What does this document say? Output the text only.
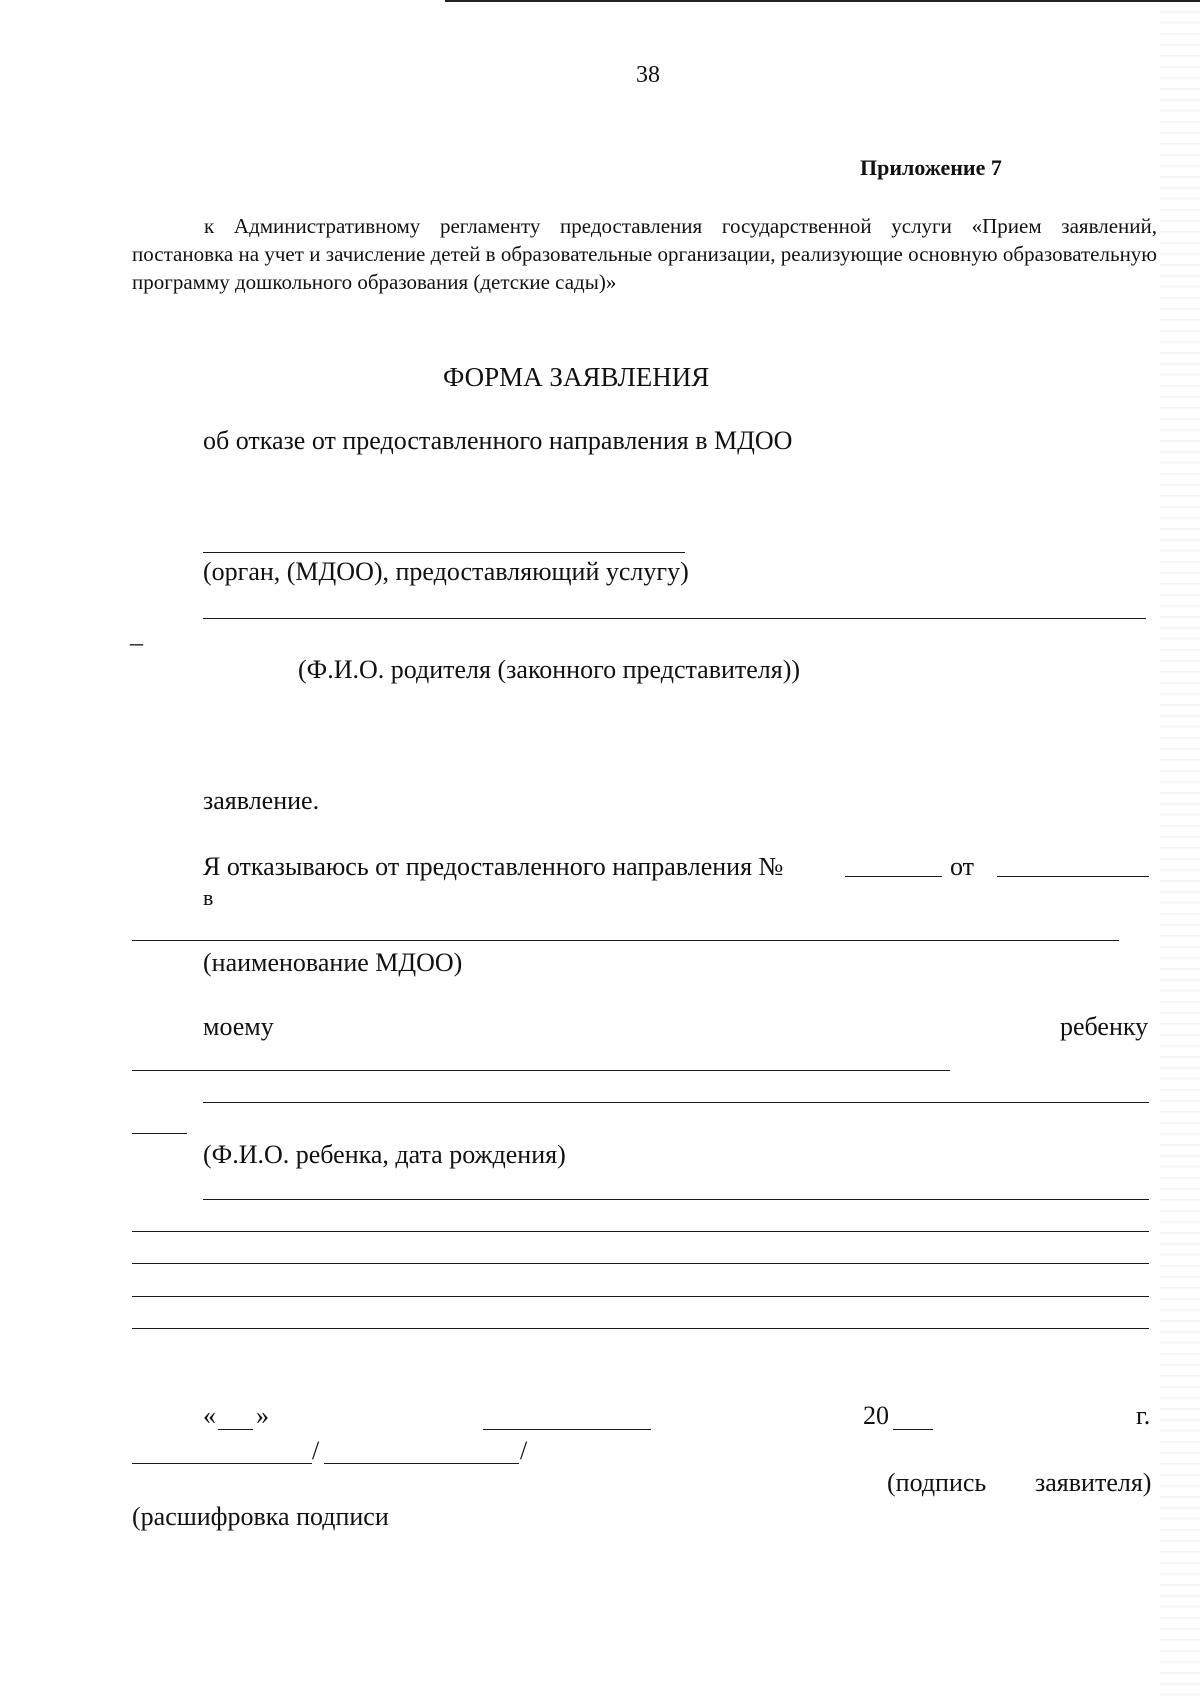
38
Приложение 7
к Административному регламенту предоставления государственной услуги «Прием заявлений, постановка на учет и зачисление детей в образовательные организации, реализующие основную образовательную программу дошкольного образования (детские сады)»
ФОРМА ЗАЯВЛЕНИЯ
об отказе от предоставленного направления в МДОО
(орган, (МДОО), предоставляющий услугу)
–
(Ф.И.О. родителя (законного представителя))
заявление.
Я отказываюсь от предоставленного направления №	от
в
(наименование МДОО)
моему	ребенку
(Ф.И.О. ребенка, дата рождения)
« »	20	г.
/	/
(подпись заявителя)
(расшифровка подписи
